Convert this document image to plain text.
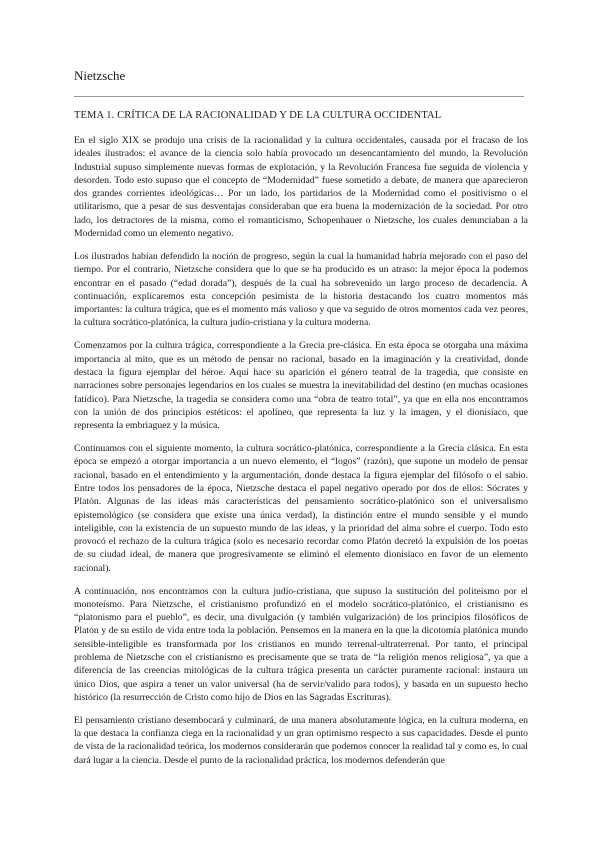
Nietzsche
TEMA 1. CRÍTICA DE LA RACIONALIDAD Y DE LA CULTURA OCCIDENTAL

En el siglo XIX se produjo una crisis de la racionalidad y la cultura occidentales, causada por el fracaso de los ideales ilustrados: el avance de la ciencia solo había provocado un desencantamiento del mundo, la Revolución Industrial supuso simplemente nuevas formas de explotación, y la Revolución Francesa fue seguida de violencia y desorden. Todo esto supuso que el concepto de “Modernidad” fuese sometido a debate, de manera que aparecieron dos grandes corrientes ideológicas… Por un lado, los partidarios de la Modernidad como el positivismo o el utilitarismo, que a pesar de sus desventajas consideraban que era buena la modernización de la sociedad. Por otro lado, los detractores de la misma, como el romanticismo, Schopenhauer o Nietzsche, los cuales denunciaban a la Modernidad como un elemento negativo.

Los ilustrados habían defendido la noción de progreso, según la cual la humanidad habría mejorado con el paso del tiempo. Por el contrario, Nietzsche considera que lo que se ha producido es un atraso: la mejor época la podemos encontrar en el pasado (“edad dorada”), después de la cual ha sobrevenido un largo proceso de decadencia. A continuación, explicaremos esta concepción pesimista de la historia destacando los cuatro momentos más importantes: la cultura trágica, que es el momento más valioso y que va seguido de otros momentos cada vez peores, la cultura socrático-platónica, la cultura judío-cristiana y la cultura moderna.

Comenzamos por la cultura trágica, correspondiente a la Grecia pre-clásica. En esta época se otorgaba una máxima importancia al mito, que es un método de pensar no racional, basado en la imaginación y la creatividad, donde destaca la figura ejemplar del héroe. Aquí hace su aparición el género teatral de la tragedia, que consiste en narraciones sobre personajes legendarios en los cuales se muestra la inevitabilidad del destino (en muchas ocasiones fatídico). Para Nietzsche, la tragedia se considera como una “obra de teatro total”, ya que en ella nos encontramos con la unión de dos principios estéticos: el apolíneo, que representa la luz y la imagen, y el dionisíaco, que representa la embriaguez y la música.

Continuamos con el siguiente momento, la cultura socrático-platónica, correspondiente a la Grecia clásica. En esta época se empezó a otorgar importancia a un nuevo elemento, el “logos” (razón), que supone un modelo de pensar racional, basado en el entendimiento y la argumentación, donde destaca la figura ejemplar del filósofo o el sabio. Entre todos los pensadores de la época, Nietzsche destaca el papel negativo operado por dos de ellos: Sócrates y Platón. Algunas de las ideas más características del pensamiento socrático-platónico son el universalismo epistemológico (se considera que existe una única verdad), la distinción entre el mundo sensible y el mundo inteligible, con la existencia de un supuesto mundo de las ideas, y la prioridad del alma sobre el cuerpo. Todo esto provocó el rechazo de la cultura trágica (solo es necesario recordar como Platón decretó la expulsión de los poetas de su ciudad ideal, de manera que progresivamente se eliminó el elemento dionisíaco en favor de un elemento racional).

A continuación, nos encontramos con la cultura judío-cristiana, que supuso la sustitución del politeísmo por el monoteísmo. Para Nietzsche, el cristianismo profundizó en el modelo socrático-platónico, el cristianismo es “platonismo para el pueblo”, es decir, una divulgación (y también vulgarización) de los principios filosóficos de Platón y de su estilo de vida entre toda la población. Pensemos en la manera en la que la dicotomía platónica mundo sensible-inteligible es transformada por los cristianos en mundo terrenal-ultraterrenal. Por tanto, el principal problema de Nietzsche con el cristianismo es precisamente que se trata de “la religión menos religiosa”, ya que a diferencia de las creencias mitológicas de la cultura trágica presenta un carácter puramente racional: instaura un único Dios, que aspira a tener un valor universal (ha de servir/valido para todos), y basada en un supuesto hecho histórico (la resurrección de Cristo como hijo de Dios en las Sagradas Escrituras).

El pensamiento cristiano desembocará y culminará, de una manera absolutamente lógica, en la cultura moderna, en la que destaca la confianza ciega en la racionalidad y un gran optimismo respecto a sus capacidades. Desde el punto de vista de la racionalidad teórica, los modernos considerarán que podemos conocer la realidad tal y como es, lo cual dará lugar a la ciencia. Desde el punto de la racionalidad práctica, los modernos defenderán que
